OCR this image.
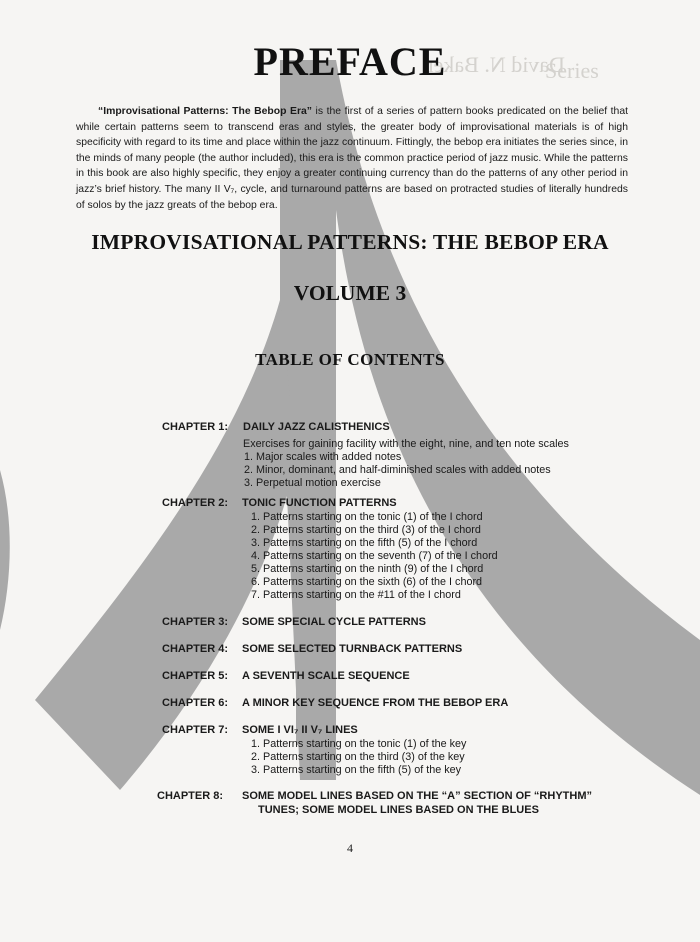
David N. Baker
Series
PREFACE

“Improvisational Patterns: The Bebop Era” is the first of a series of pattern books predicated on the belief that while certain patterns seem to transcend eras and styles, the greater body of improvisational materials is of high specificity with regard to its time and place within the jazz continuum. Fittingly, the bebop era initiates the series since, in the minds of many people (the author included), this era is the common practice period of jazz music. While the patterns in this book are also highly specific, they enjoy a greater continuing currency than do the patterns of any other period in jazz’s brief history. The many II V₇, cycle, and turnaround patterns are based on protracted studies of literally hundreds of solos by the jazz greats of the bebop era.

IMPROVISATIONAL PATTERNS: THE BEBOP ERA
VOLUME 3
TABLE OF CONTENTS
CHAPTER 1: DAILY JAZZ CALISTHENICS
Exercises for gaining facility with the eight, nine, and ten note scales
1. Major scales with added notes
2. Minor, dominant, and half-diminished scales with added notes
3. Perpetual motion exercise
CHAPTER 2: TONIC FUNCTION PATTERNS
1. Patterns starting on the tonic (1) of the I chord
2. Patterns starting on the third (3) of the I chord
3. Patterns starting on the fifth (5) of the I chord
4. Patterns starting on the seventh (7) of the I chord
5. Patterns starting on the ninth (9) of the I chord
6. Patterns starting on the sixth (6) of the I chord
7. Patterns starting on the #11 of the I chord
CHAPTER 3: SOME SPECIAL CYCLE PATTERNS
CHAPTER 4: SOME SELECTED TURNBACK PATTERNS
CHAPTER 5: A SEVENTH SCALE SEQUENCE
CHAPTER 6: A MINOR KEY SEQUENCE FROM THE BEBOP ERA
CHAPTER 7: SOME I VI₇ II V₇ LINES
1. Patterns starting on the tonic (1) of the key
2. Patterns starting on the third (3) of the key
3. Patterns starting on the fifth (5) of the key
CHAPTER 8: SOME MODEL LINES BASED ON THE “A” SECTION OF “RHYTHM”
TUNES; SOME MODEL LINES BASED ON THE BLUES
4
